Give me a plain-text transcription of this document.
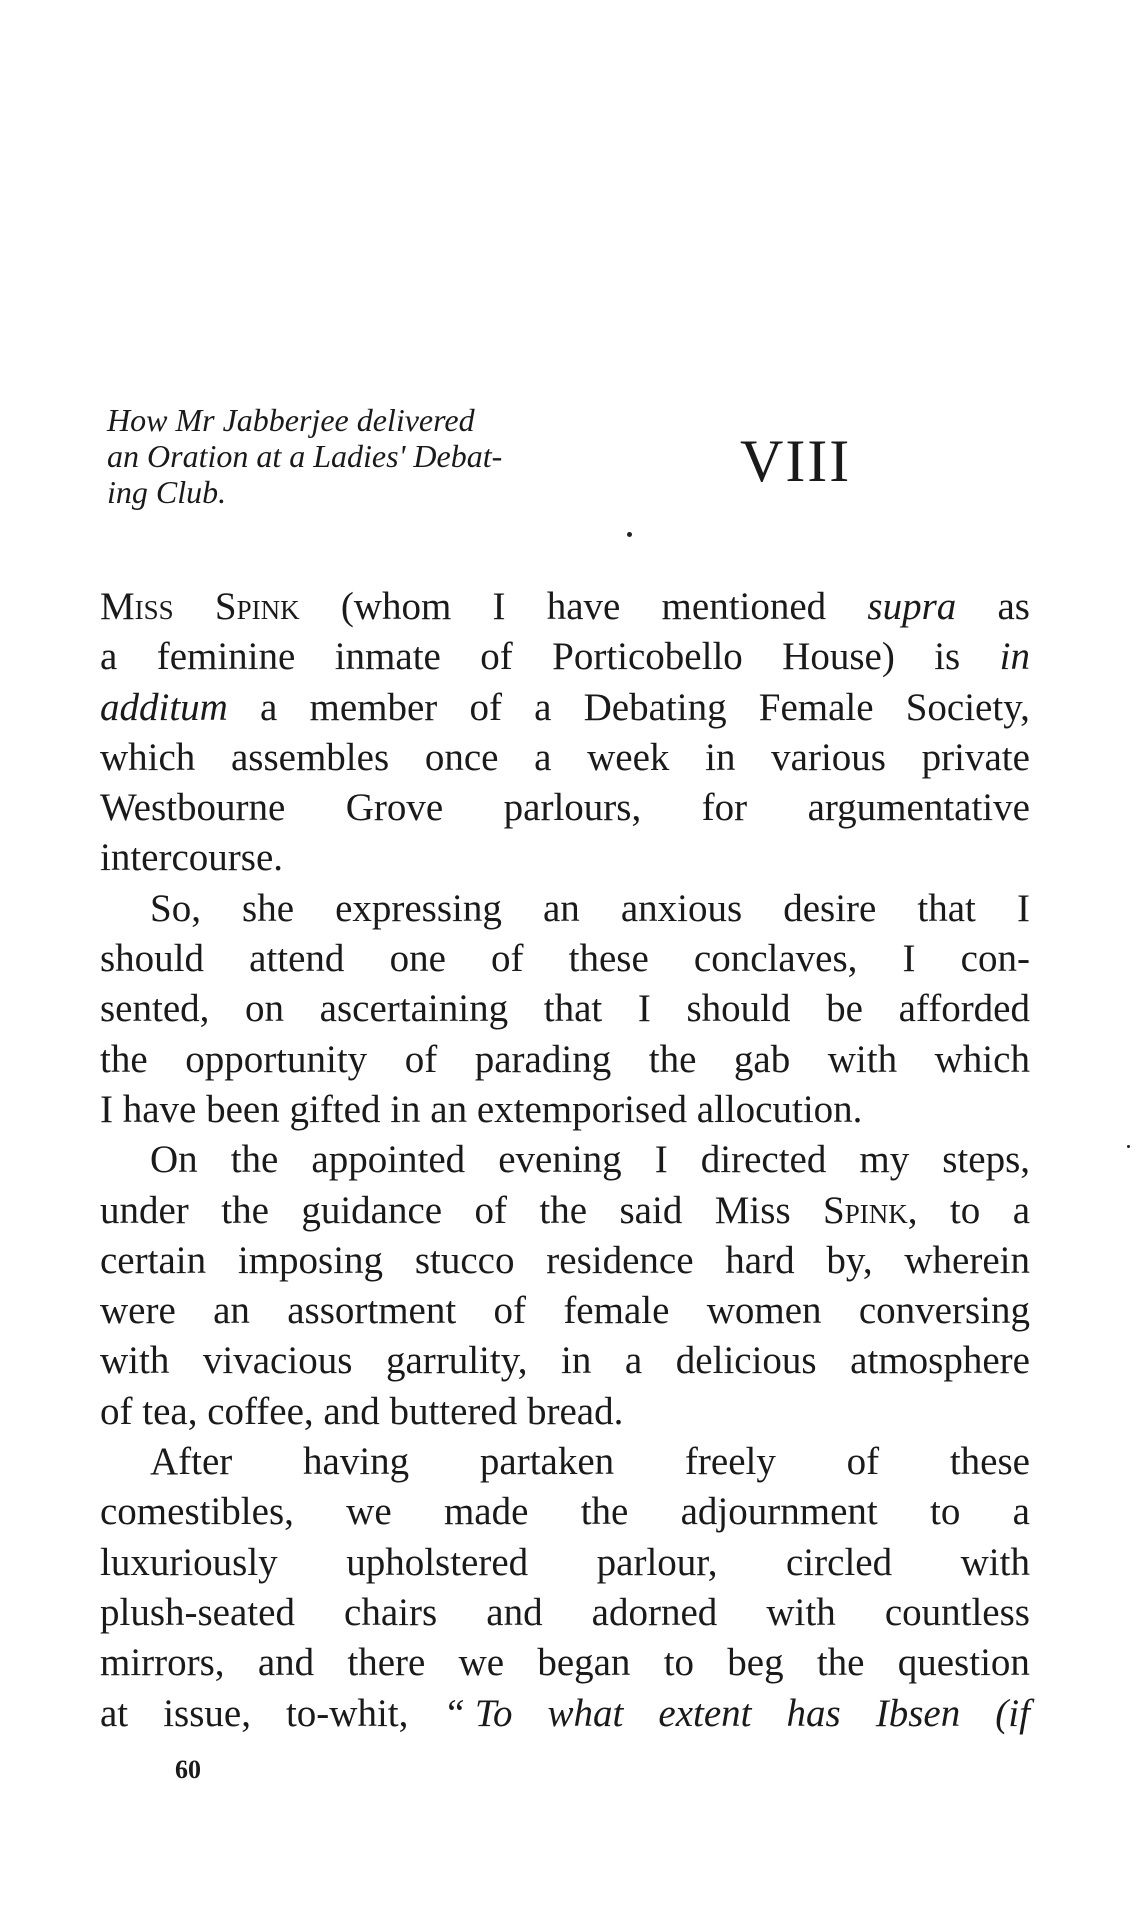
How Mr Jabberjee delivered
an Oration at a Ladies' Debat-
ing Club.	VIII
Miss Spink (whom I have mentioned supra as
a feminine inmate of Porticobello House) is in
additum a member of a Debating Female Society,
which assembles once a week in various private
Westbourne Grove parlours, for argumentative
intercourse.
So, she expressing an anxious desire that I
should attend one of these conclaves, I con-
sented, on ascertaining that I should be afforded
the opportunity of parading the gab with which
I have been gifted in an extemporised allocution.
On the appointed evening I directed my steps,
under the guidance of the said Miss Spink, to a
certain imposing stucco residence hard by, wherein
were an assortment of female women conversing
with vivacious garrulity, in a delicious atmosphere
of tea, coffee, and buttered bread.
After having partaken freely of these
comestibles, we made the adjournment to a
luxuriously upholstered parlour, circled with
plush-seated chairs and adorned with countless
mirrors, and there we began to beg the question
at issue, to-whit, “ To what extent has Ibsen (if
60
